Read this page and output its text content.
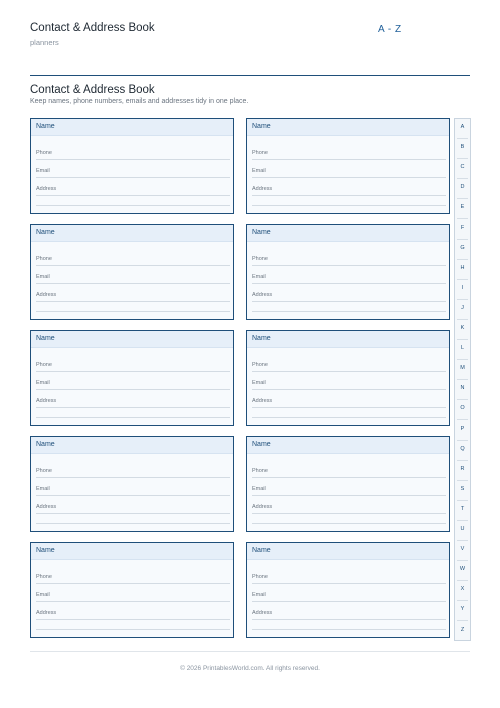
Contact & Address Book
planners
A - Z
Contact & Address Book
Keep names, phone numbers, emails and addresses tidy in one place.
Name
Phone
Email
Address
Name
Phone
Email
Address
Name
Phone
Email
Address
Name
Phone
Email
Address
Name
Phone
Email
Address
Name
Phone
Email
Address
Name
Phone
Email
Address
Name
Phone
Email
Address
Name
Phone
Email
Address
Name
Phone
Email
Address
A
B
C
D
E
F
G
H
I
J
K
L
M
N
O
P
Q
R
S
T
U
V
W
X
Y
Z
© 2026 PrintablesWorld.com. All rights reserved.
